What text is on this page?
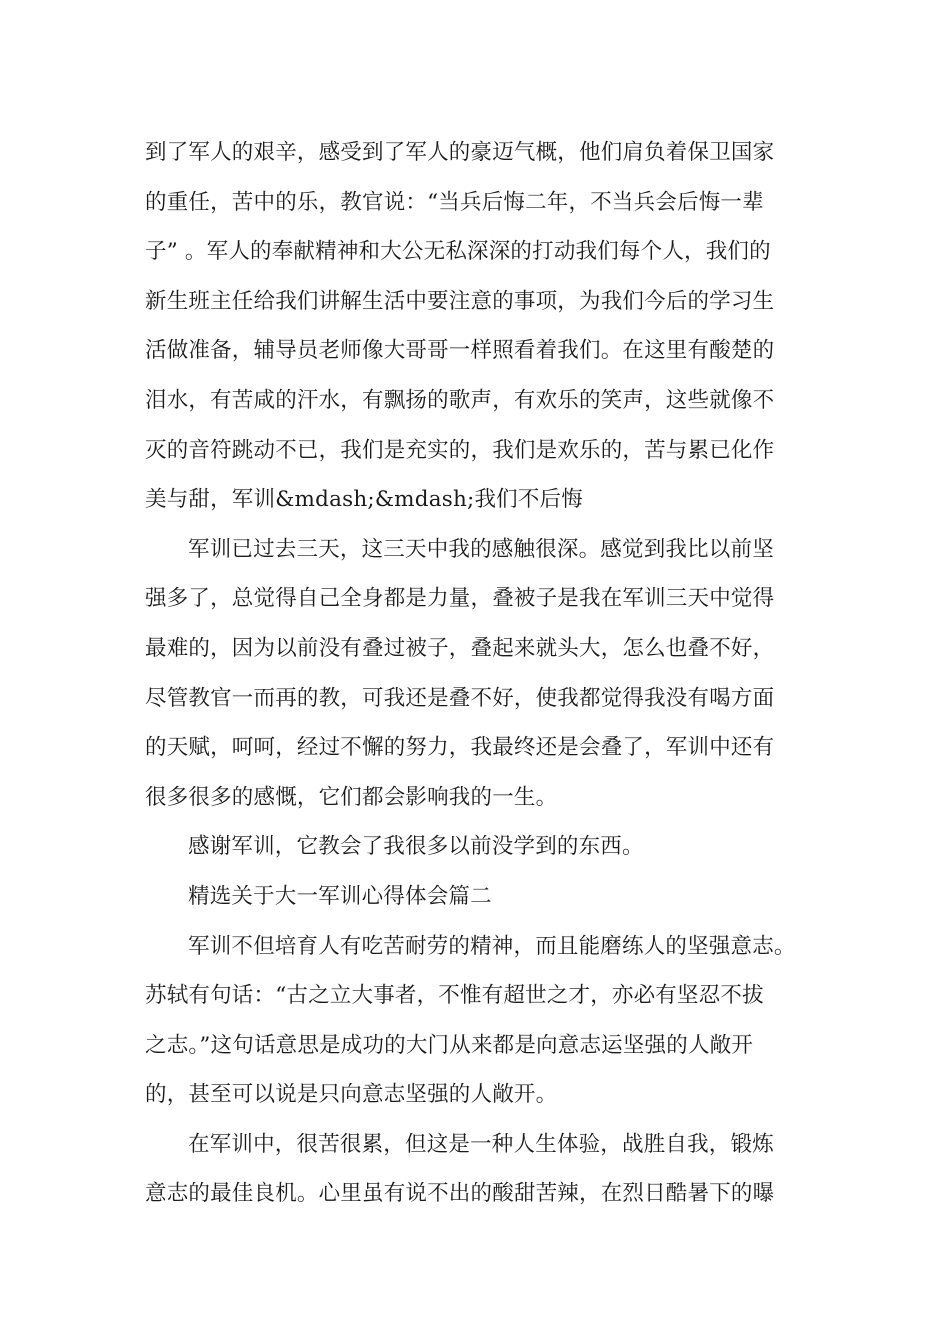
到了军人的艰辛，感受到了军人的豪迈气概，他们肩负着保卫国家
的重任，苦中的乐，教官说：“当兵后悔二年，不当兵会后悔一辈
子” 。军人的奉献精神和大公无私深深的打动我们每个人，我们的
新生班主任给我们讲解生活中要注意的事项，为我们今后的学习生
活做准备，辅导员老师像大哥哥一样照看着我们。在这里有酸楚的
泪水，有苦咸的汗水，有飘扬的歌声，有欢乐的笑声，这些就像不
灭的音符跳动不已，我们是充实的，我们是欢乐的，苦与累已化作
美与甜，军训&mdash;&mdash;我们不后悔
军训已过去三天，这三天中我的感触很深。感觉到我比以前坚
强多了，总觉得自己全身都是力量，叠被子是我在军训三天中觉得
最难的，因为以前没有叠过被子，叠起来就头大，怎么也叠不好，
尽管教官一而再的教，可我还是叠不好，使我都觉得我没有喝方面
的天赋，呵呵，经过不懈的努力，我最终还是会叠了，军训中还有
很多很多的感慨，它们都会影响我的一生。
感谢军训，它教会了我很多以前没学到的东西。
精选关于大一军训心得体会篇二
军训不但培育人有吃苦耐劳的精神，而且能磨练人的坚强意志。
苏轼有句话：“古之立大事者，不惟有超世之才，亦必有坚忍不拔
之志。”这句话意思是成功的大门从来都是向意志运坚强的人敞开
的，甚至可以说是只向意志坚强的人敞开。
在军训中，很苦很累，但这是一种人生体验，战胜自我，锻炼
意志的最佳良机。心里虽有说不出的酸甜苦辣，在烈日酷暑下的曝
